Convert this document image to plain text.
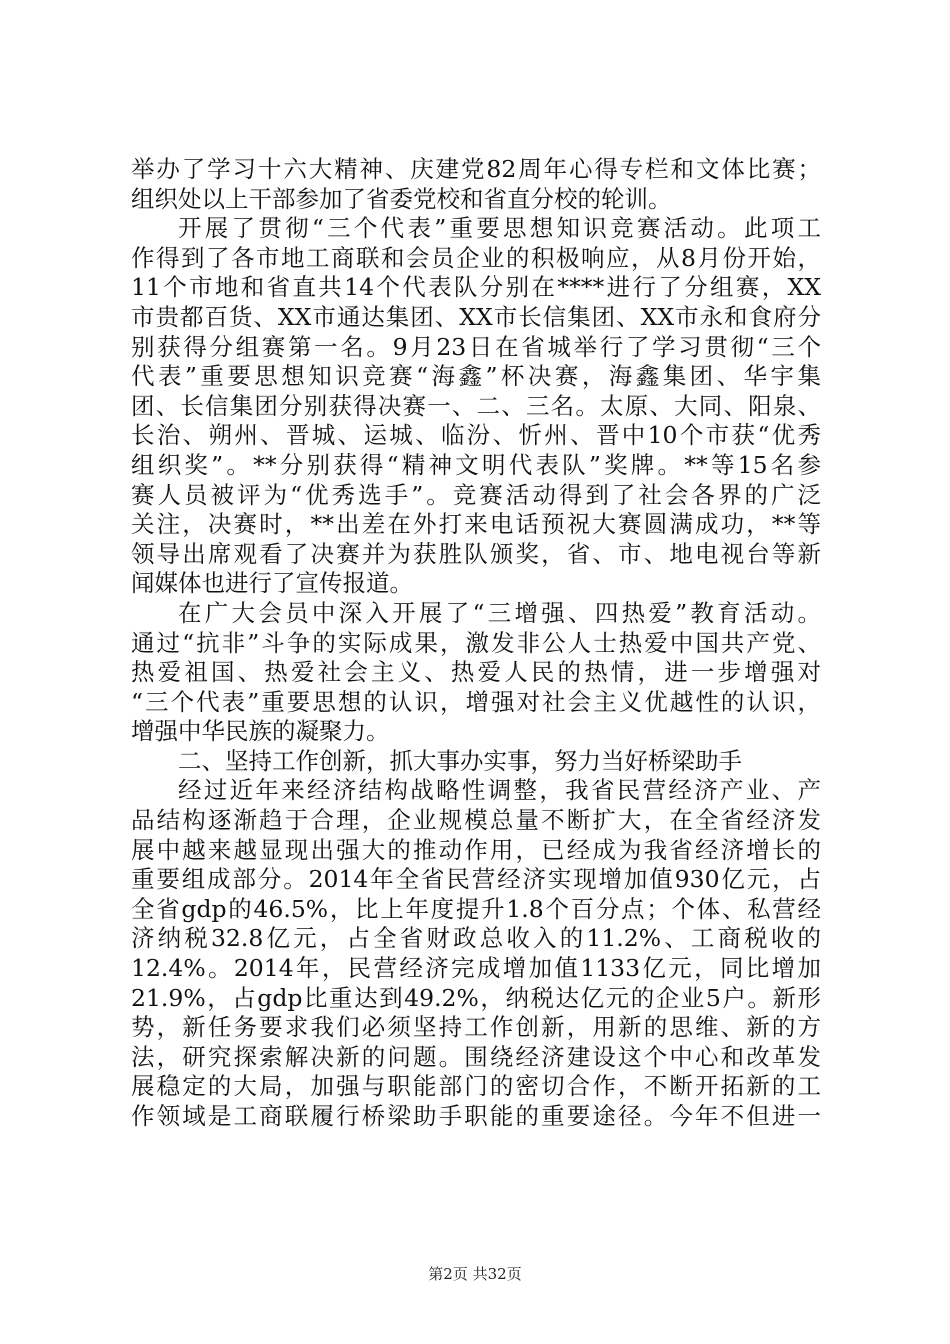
举办了学习十六大精神、庆建党82周年心得专栏和文体比赛；
组织处以上干部参加了省委党校和省直分校的轮训。
开展了贯彻“三个代表”重要思想知识竞赛活动。此项工
作得到了各市地工商联和会员企业的积极响应，从8月份开始，
11个市地和省直共14个代表队分别在****进行了分组赛，XX
市贵都百货、XX市通达集团、XX市长信集团、XX市永和食府分
别获得分组赛第一名。9月23日在省城举行了学习贯彻“三个
代表”重要思想知识竞赛“海鑫”杯决赛，海鑫集团、华宇集
团、长信集团分别获得决赛一、二、三名。太原、大同、阳泉、
长治、朔州、晋城、运城、临汾、忻州、晋中10个市获“优秀
组织奖”。**分别获得“精神文明代表队”奖牌。**等15名参
赛人员被评为“优秀选手”。竞赛活动得到了社会各界的广泛
关注，决赛时，**出差在外打来电话预祝大赛圆满成功，**等
领导出席观看了决赛并为获胜队颁奖，省、市、地电视台等新
闻媒体也进行了宣传报道。
在广大会员中深入开展了“三增强、四热爱”教育活动。
通过“抗非”斗争的实际成果，激发非公人士热爱中国共产党、
热爱祖国、热爱社会主义、热爱人民的热情，进一步增强对
“三个代表”重要思想的认识，增强对社会主义优越性的认识，
增强中华民族的凝聚力。
二、坚持工作创新，抓大事办实事，努力当好桥梁助手
经过近年来经济结构战略性调整，我省民营经济产业、产
品结构逐渐趋于合理，企业规模总量不断扩大，在全省经济发
展中越来越显现出强大的推动作用，已经成为我省经济增长的
重要组成部分。2014年全省民营经济实现增加值930亿元，占
全省gdp的46.5%，比上年度提升1.8个百分点；个体、私营经
济纳税32.8亿元，占全省财政总收入的11.2%、工商税收的
12.4%。2014年，民营经济完成增加值1133亿元，同比增加
21.9%，占gdp比重达到49.2%，纳税达亿元的企业5户。新形
势，新任务要求我们必须坚持工作创新，用新的思维、新的方
法，研究探索解决新的问题。围绕经济建设这个中心和改革发
展稳定的大局，加强与职能部门的密切合作，不断开拓新的工
作领域是工商联履行桥梁助手职能的重要途径。今年不但进一
第2页 共32页
